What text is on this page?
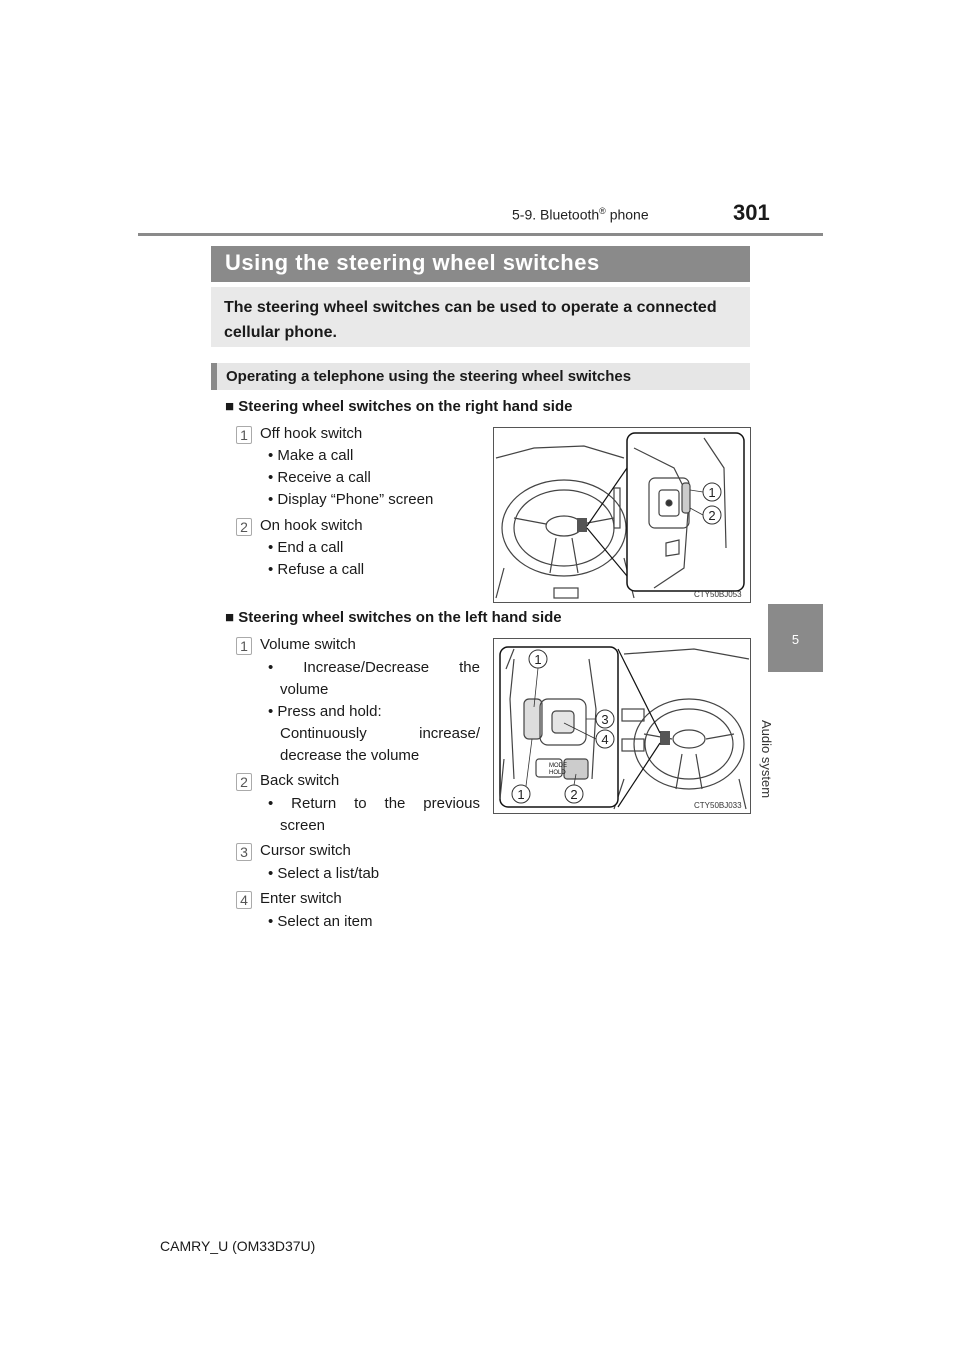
5-9. Bluetooth® phone	301
5
Audio system
Using the steering wheel switches
The steering wheel switches can be used to operate a connected cellular phone.
Operating a telephone using the steering wheel switches
■ Steering wheel switches on the right hand side
1 Off hook switch
• Make a call
• Receive a call
• Display “Phone” screen
2 On hook switch
• End a call
• Refuse a call
1
2
CTY50BJ053
■ Steering wheel switches on the left hand side
1 Volume switch
• Increase/Decrease the
volume
• Press and hold:
Continuously increase/
decrease the volume
2 Back switch
• Return to the previous
screen
3 Cursor switch
• Select a list/tab
4 Enter switch
• Select an item
MODE
HOLD
1
3
4
1	2
CTY50BJ033
CAMRY_U (OM33D37U)
